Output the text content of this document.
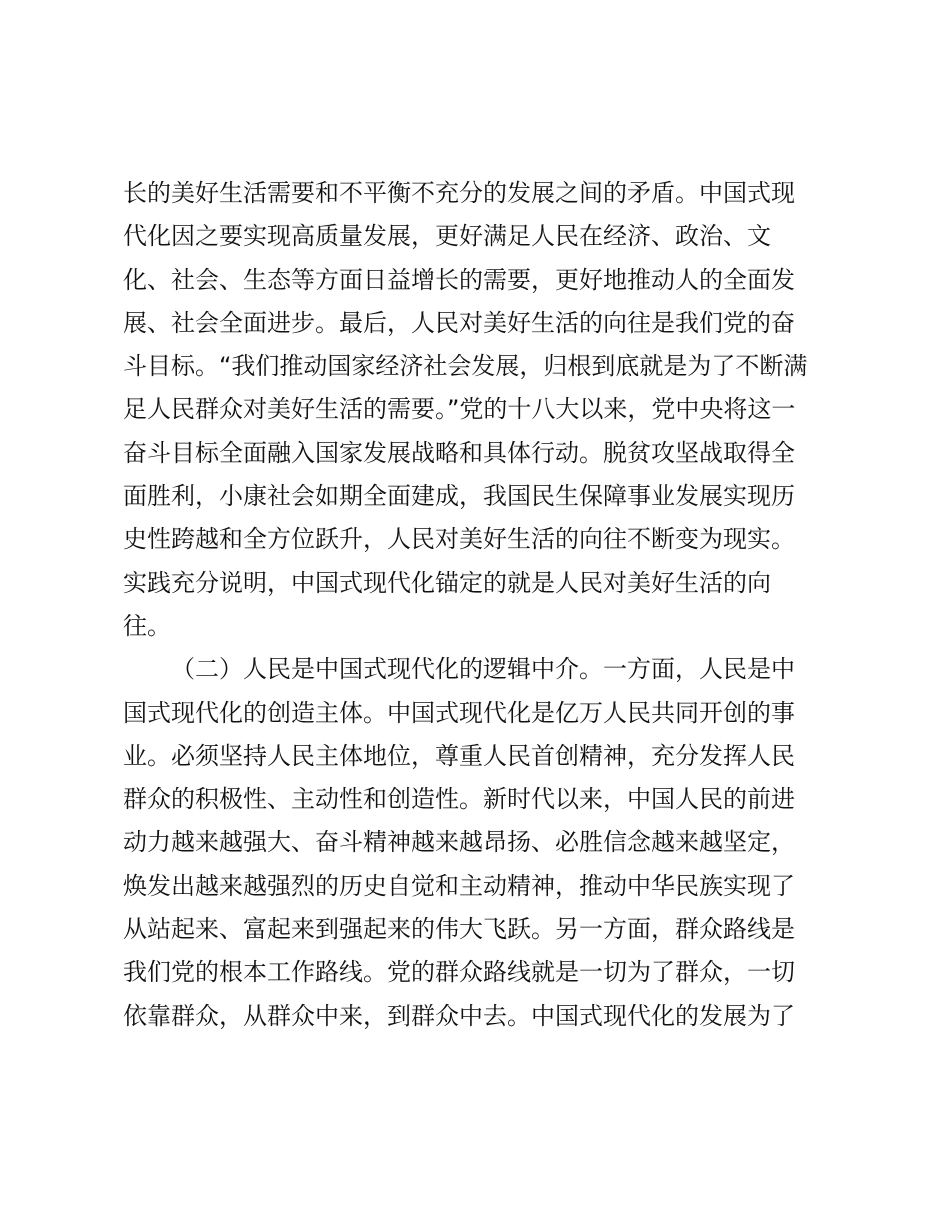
长的美好生活需要和不平衡不充分的发展之间的矛盾。中国式现
代化因之要实现高质量发展，更好满足人民在经济、政治、文
化、社会、生态等方面日益增长的需要，更好地推动人的全面发
展、社会全面进步。最后，人民对美好生活的向往是我们党的奋
斗目标。“我们推动国家经济社会发展，归根到底就是为了不断满
足人民群众对美好生活的需要。”党的十八大以来，党中央将这一
奋斗目标全面融入国家发展战略和具体行动。脱贫攻坚战取得全
面胜利，小康社会如期全面建成，我国民生保障事业发展实现历
史性跨越和全方位跃升，人民对美好生活的向往不断变为现实。
实践充分说明，中国式现代化锚定的就是人民对美好生活的向
往。
（二）人民是中国式现代化的逻辑中介。一方面，人民是中
国式现代化的创造主体。中国式现代化是亿万人民共同开创的事
业。必须坚持人民主体地位，尊重人民首创精神，充分发挥人民
群众的积极性、主动性和创造性。新时代以来，中国人民的前进
动力越来越强大、奋斗精神越来越昂扬、必胜信念越来越坚定，
焕发出越来越强烈的历史自觉和主动精神，推动中华民族实现了
从站起来、富起来到强起来的伟大飞跃。另一方面，群众路线是
我们党的根本工作路线。党的群众路线就是一切为了群众，一切
依靠群众，从群众中来，到群众中去。中国式现代化的发展为了
